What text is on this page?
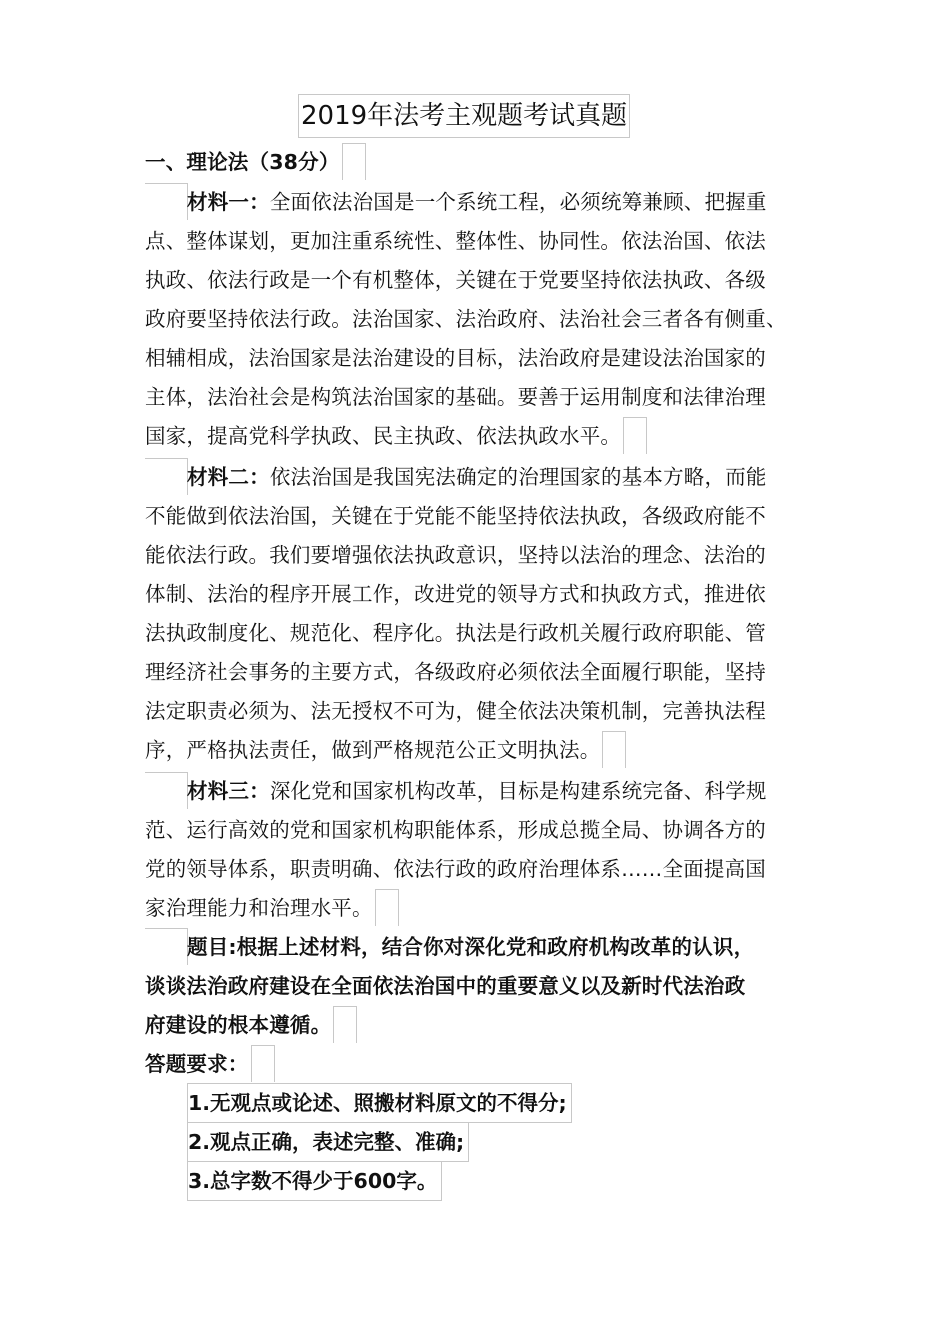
2019年法考主观题考试真题
一、理论法（38分）
材料一：全面依法治国是一个系统工程，必须统筹兼顾、把握重
点、整体谋划，更加注重系统性、整体性、协同性。依法治国、依法
执政、依法行政是一个有机整体，关键在于党要坚持依法执政、各级
政府要坚持依法行政。法治国家、法治政府、法治社会三者各有侧重、
相辅相成，法治国家是法治建设的目标，法治政府是建设法治国家的
主体，法治社会是构筑法治国家的基础。要善于运用制度和法律治理
国家，提高党科学执政、民主执政、依法执政水平。
材料二：依法治国是我国宪法确定的治理国家的基本方略，而能
不能做到依法治国，关键在于党能不能坚持依法执政，各级政府能不
能依法行政。我们要增强依法执政意识，坚持以法治的理念、法治的
体制、法治的程序开展工作，改进党的领导方式和执政方式，推进依
法执政制度化、规范化、程序化。执法是行政机关履行政府职能、管
理经济社会事务的主要方式，各级政府必须依法全面履行职能，坚持
法定职责必须为、法无授权不可为，健全依法决策机制，完善执法程
序，严格执法责任，做到严格规范公正文明执法。
材料三：深化党和国家机构改革，目标是构建系统完备、科学规
范、运行高效的党和国家机构职能体系，形成总揽全局、协调各方的
党的领导体系，职责明确、依法行政的政府治理体系……全面提高国
家治理能力和治理水平。
题目:根据上述材料，结合你对深化党和政府机构改革的认识，
谈谈法治政府建设在全面依法治国中的重要意义以及新时代法治政
府建设的根本遵循。
答题要求：
1.无观点或论述、照搬材料原文的不得分;
2.观点正确，表述完整、准确;
3.总字数不得少于600字。
